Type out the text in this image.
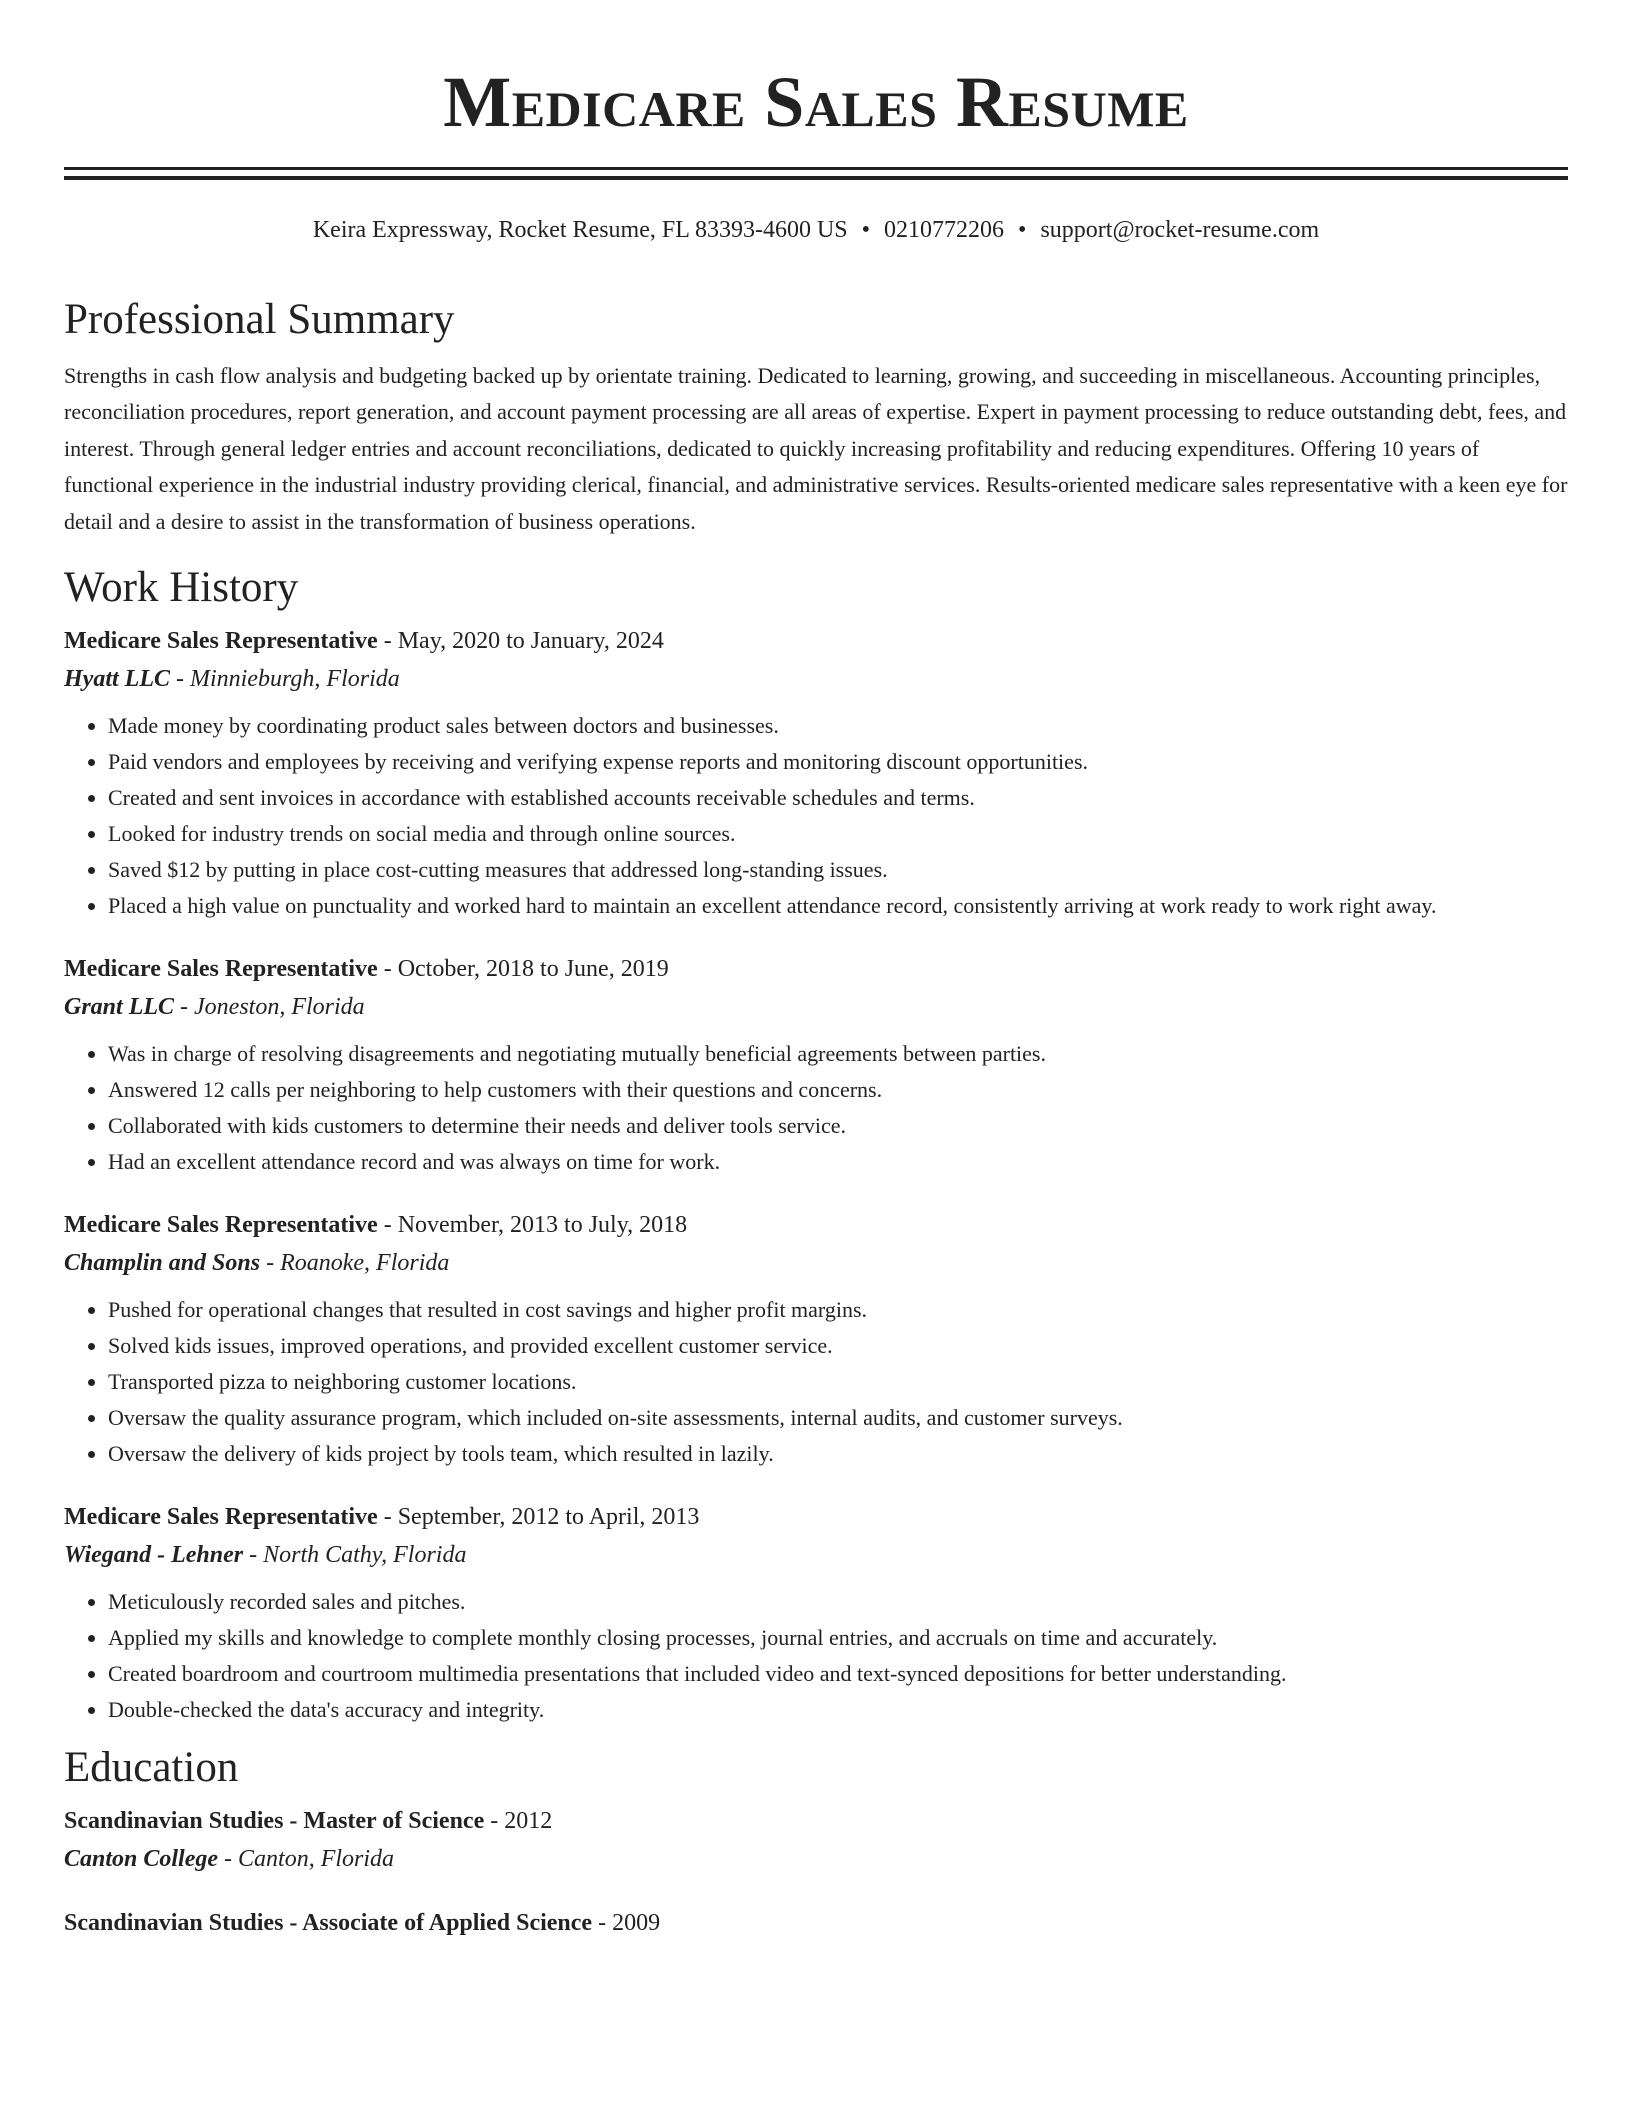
Medicare Sales Resume
Keira Expressway, Rocket Resume, FL 83393-4600 US • 0210772206 • support@rocket-resume.com
Professional Summary

Strengths in cash flow analysis and budgeting backed up by orientate training. Dedicated to learning, growing, and succeeding in miscellaneous. Accounting principles, reconciliation procedures, report generation, and account payment processing are all areas of expertise. Expert in payment processing to reduce outstanding debt, fees, and interest. Through general ledger entries and account reconciliations, dedicated to quickly increasing profitability and reducing expenditures. Offering 10 years of functional experience in the industrial industry providing clerical, financial, and administrative services. Results-oriented medicare sales representative with a keen eye for detail and a desire to assist in the transformation of business operations.

Work History

Medicare Sales Representative - May, 2020 to January, 2024

Hyatt LLC - Minnieburgh, Florida

• Made money by coordinating product sales between doctors and businesses.
• Paid vendors and employees by receiving and verifying expense reports and monitoring discount opportunities.
• Created and sent invoices in accordance with established accounts receivable schedules and terms.
• Looked for industry trends on social media and through online sources.
• Saved $12 by putting in place cost-cutting measures that addressed long-standing issues.
• Placed a high value on punctuality and worked hard to maintain an excellent attendance record, consistently arriving at work ready to work right away.

Medicare Sales Representative - October, 2018 to June, 2019

Grant LLC - Joneston, Florida

• Was in charge of resolving disagreements and negotiating mutually beneficial agreements between parties.
• Answered 12 calls per neighboring to help customers with their questions and concerns.
• Collaborated with kids customers to determine their needs and deliver tools service.
• Had an excellent attendance record and was always on time for work.

Medicare Sales Representative - November, 2013 to July, 2018

Champlin and Sons - Roanoke, Florida

• Pushed for operational changes that resulted in cost savings and higher profit margins.
• Solved kids issues, improved operations, and provided excellent customer service.
• Transported pizza to neighboring customer locations.
• Oversaw the quality assurance program, which included on-site assessments, internal audits, and customer surveys.
• Oversaw the delivery of kids project by tools team, which resulted in lazily.

Medicare Sales Representative - September, 2012 to April, 2013

Wiegand - Lehner - North Cathy, Florida

• Meticulously recorded sales and pitches.
• Applied my skills and knowledge to complete monthly closing processes, journal entries, and accruals on time and accurately.
• Created boardroom and courtroom multimedia presentations that included video and text-synced depositions for better understanding.
• Double-checked the data's accuracy and integrity.
Education

Scandinavian Studies - Master of Science - 2012

Canton College - Canton, Florida

Scandinavian Studies - Associate of Applied Science - 2009
